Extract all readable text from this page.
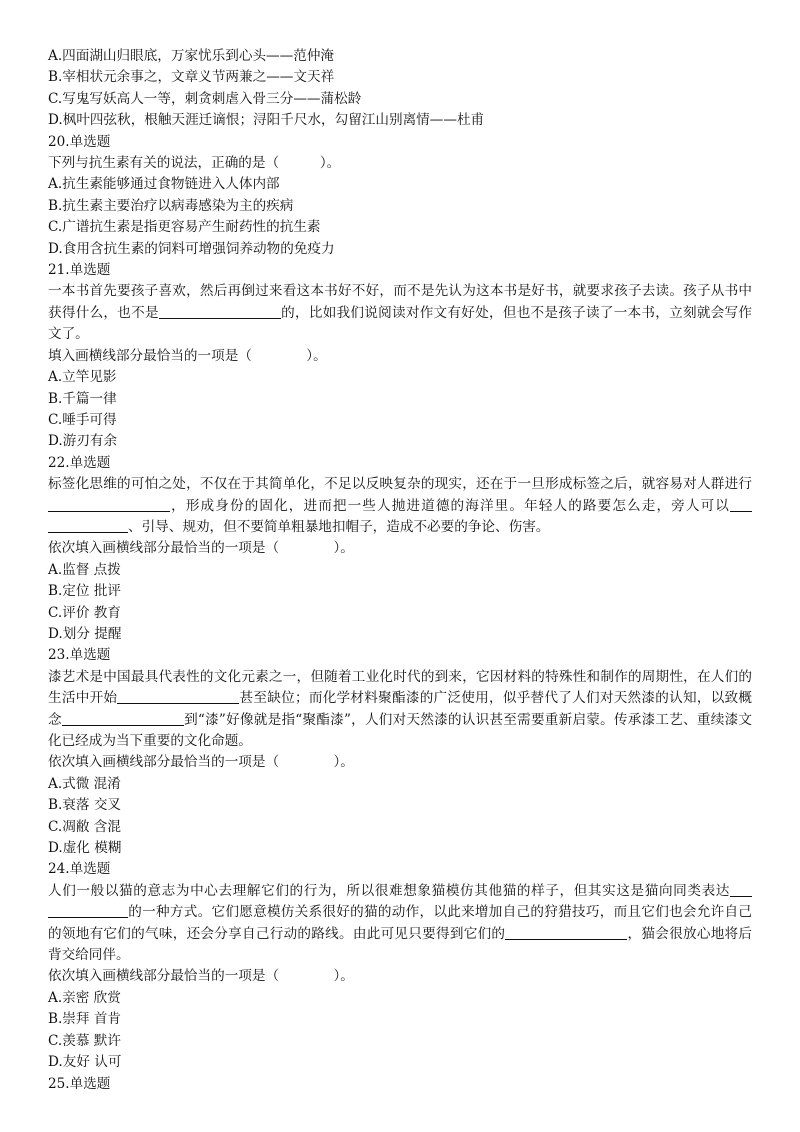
A.四面湖山归眼底，万家忧乐到心头——范仲淹
B.宰相状元余事之，文章义节两兼之——文天祥
C.写鬼写妖高人一等，刺贪刺虐入骨三分——蒲松龄
D.枫叶四弦秋，根触天涯迁谪恨；浔阳千尺水，勾留江山别离情——杜甫
20.单选题
下列与抗生素有关的说法，正确的是（　　　）。
A.抗生素能够通过食物链进入人体内部
B.抗生素主要治疗以病毒感染为主的疾病
C.广谱抗生素是指更容易产生耐药性的抗生素
D.食用含抗生素的饲料可增强饲养动物的免疫力
21.单选题

一本书首先要孩子喜欢，然后再倒过来看这本书好不好，而不是先认为这本书是好书，就要求孩子去读。孩子从书中获得什么，也不是	的，比如我们说阅读对作文有好处，但也不是孩子读了一本书，立刻就会写作文了。

填入画横线部分最恰当的一项是（　　　　）。
A.立竿见影
B.千篇一律
C.唾手可得
D.游刃有余
22.单选题

标签化思维的可怕之处，不仅在于其简单化，不足以反映复杂的现实，还在于一旦形成标签之后，就容易对人群进行，形成身份的固化，进而把一些人抛进道德的海洋里。年轻人的路要怎么走，旁人可以、引导、规劝，但不要简单粗暴地扣帽子，造成不必要的争论、伤害。

依次填入画横线部分最恰当的一项是（　　　　）。
A.监督 点拨
B.定位 批评
C.评价 教育
D.划分 提醒
23.单选题

漆艺术是中国最具代表性的文化元素之一，但随着工业化时代的到来，它因材料的特殊性和制作的周期性，在人们的生活中开始	甚至缺位；而化学材料聚酯漆的广泛使用，似乎替代了人们对天然漆的认知，以致概念	到“漆”好像就是指“聚酯漆”，人们对天然漆的认识甚至需要重新启蒙。传承漆工艺、重续漆文化已经成为当下重要的文化命题。

依次填入画横线部分最恰当的一项是（　　　　）。
A.式微 混淆
B.衰落 交叉
C.凋敝 含混
D.虚化 模糊
24.单选题

人们一般以猫的意志为中心去理解它们的行为，所以很难想象猫模仿其他猫的样子，但其实这是猫向同类表达的一种方式。它们愿意模仿关系很好的猫的动作，以此来增加自己的狩猎技巧，而且它们也会允许自己的领地有它们的气味，还会分享自己行动的路线。由此可见只要得到它们的	，猫会很放心地将后背交给同伴。

依次填入画横线部分最恰当的一项是（　　　　）。
A.亲密 欣赏
B.崇拜 首肯
C.羡慕 默许
D.友好 认可
25.单选题
